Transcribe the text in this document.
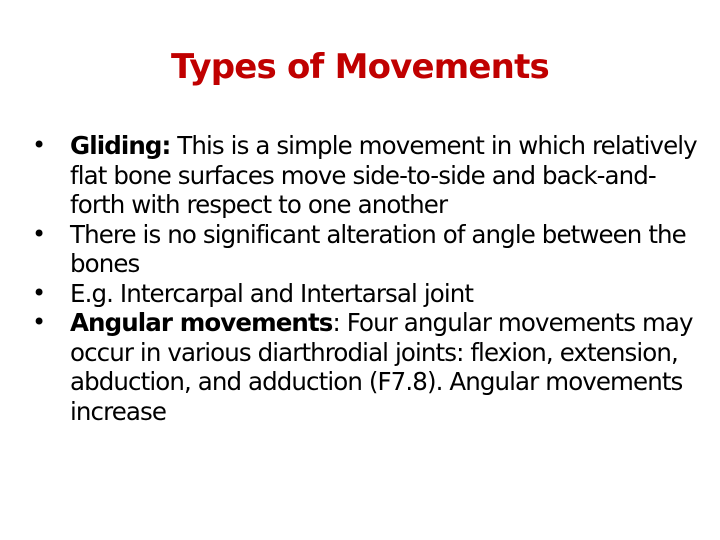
Types of Movements
• Gliding: This is a simple movement in which relatively flat bone surfaces move side-to-side and back-and-forth with respect to one another
• There is no significant alteration of angle between the bones
• E.g. Intercarpal and Intertarsal joint
• Angular movements: Four angular movements may occur in various diarthrodial joints: flexion, extension, abduction, and adduction (F7.8). Angular movements increase
